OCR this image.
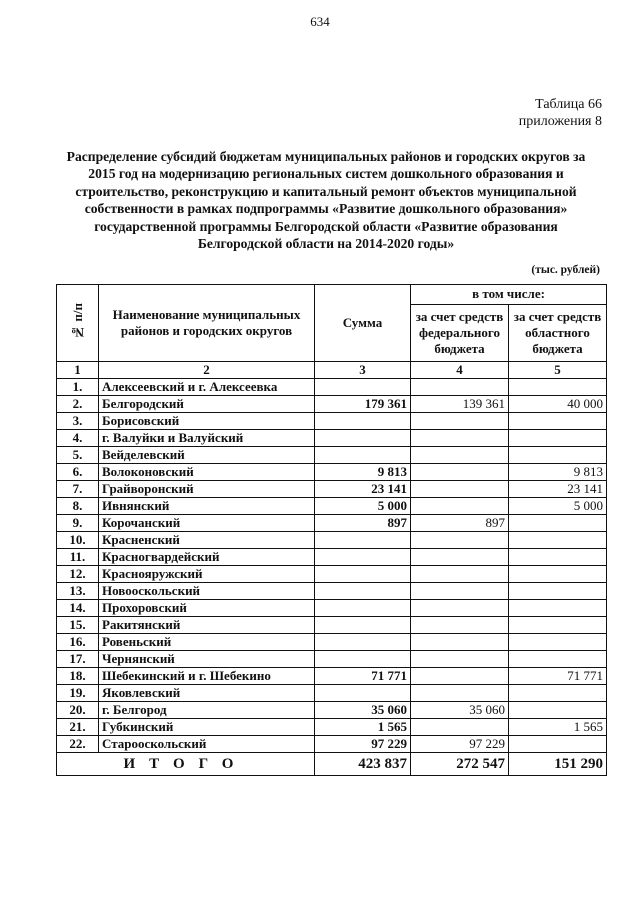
634
Таблица 66
приложения 8
Распределение субсидий бюджетам муниципальных районов и городских округов за 2015 год на модернизацию региональных систем дошкольного образования и строительство, реконструкцию и капитальный ремонт объектов муниципальной собственности в рамках подпрограммы «Развитие дошкольного образования» государственной программы Белгородской области «Развитие образования Белгородской области на 2014-2020 годы»
(тыс. рублей)
№ п/п	Наименование муниципальных районов и городских округов	Сумма	в том числе:	
			за счет средств федерального бюджета	за счет средств областного бюджета
1	2	3	4	5
1.	Алексеевский и г. Алексеевка			
2.	Белгородский	179 361	139 361	40 000
3.	Борисовский			
4.	г. Валуйки и Валуйский			
5.	Вейделевский			
6.	Волоконовский	9 813		9 813
7.	Грайворонский	23 141		23 141
8.	Ивнянский	5 000		5 000
9.	Корочанский	897	897	
10.	Красненский			
11.	Красногвардейский			
12.	Краснояружский			
13.	Новооскольский			
14.	Прохоровский			
15.	Ракитянский			
16.	Ровеньский			
17.	Чернянский			
18.	Шебекинский и г. Шебекино	71 771		71 771
19.	Яковлевский			
20.	г. Белгород	35 060	35 060	
21.	Губкинский	1 565		1 565
22.	Старооскольский	97 229	97 229	
ИТОГО		423 837	272 547	151 290
